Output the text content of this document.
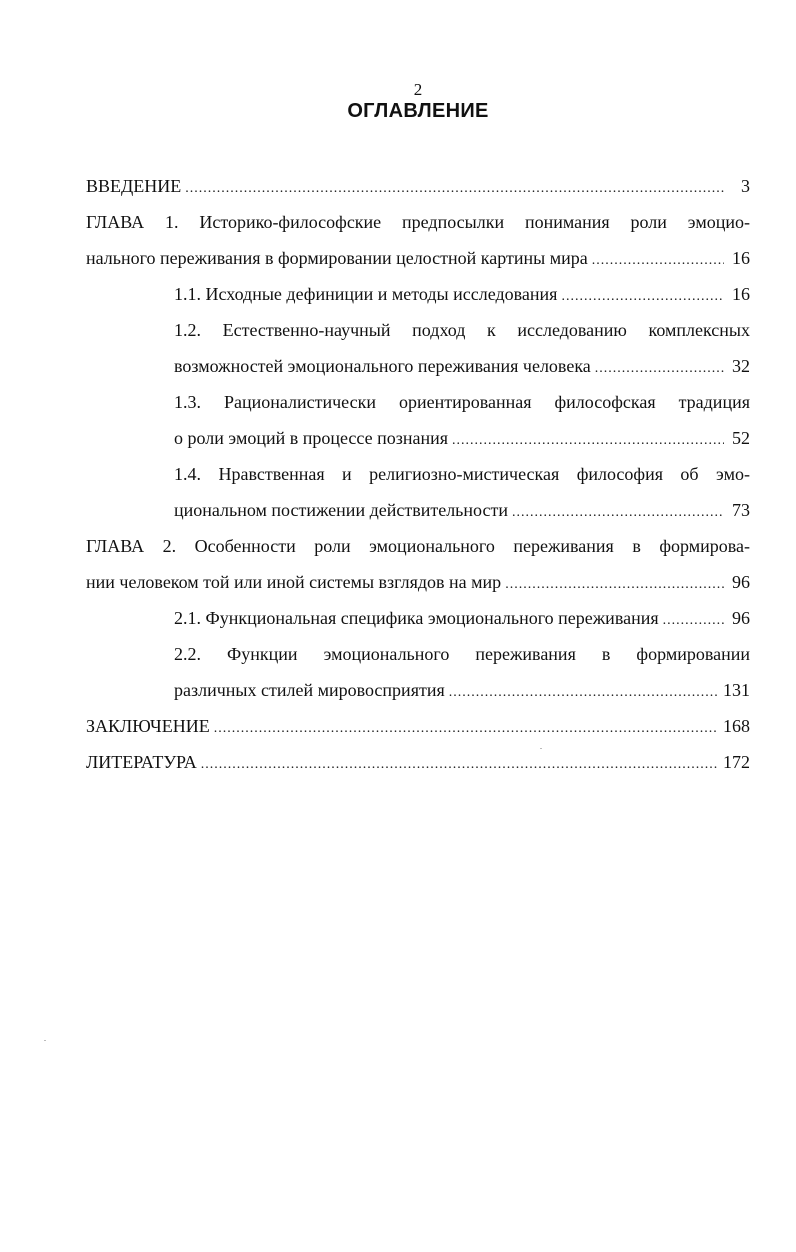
2
ОГЛАВЛЕНИЕ
ВВЕДЕНИЕ .....	3
ГЛАВА 1. Историко-философские предпосылки понимания роли эмоцио-
нального переживания в формировании целостной картины мира .....	16
1.1. Исходные дефиниции и методы исследования .....	16
1.2. Естественно-научный подход к исследованию комплексных
возможностей эмоционального переживания человека .....	32
1.3. Рационалистически ориентированная философская традиция
о роли эмоций в процессе познания .....	52
1.4. Нравственная и религиозно-мистическая философия об эмо-
циональном постижении действительности .....	73
ГЛАВА 2. Особенности роли эмоционального переживания в формирова-
нии человеком той или иной системы взглядов на мир .....	96
2.1. Функциональная специфика эмоционального переживания .....	96
2.2. Функции эмоционального переживания в формировании
различных стилей мировосприятия .....	131
ЗАКЛЮЧЕНИЕ .....	168
ЛИТЕРАТУРА .....	172
